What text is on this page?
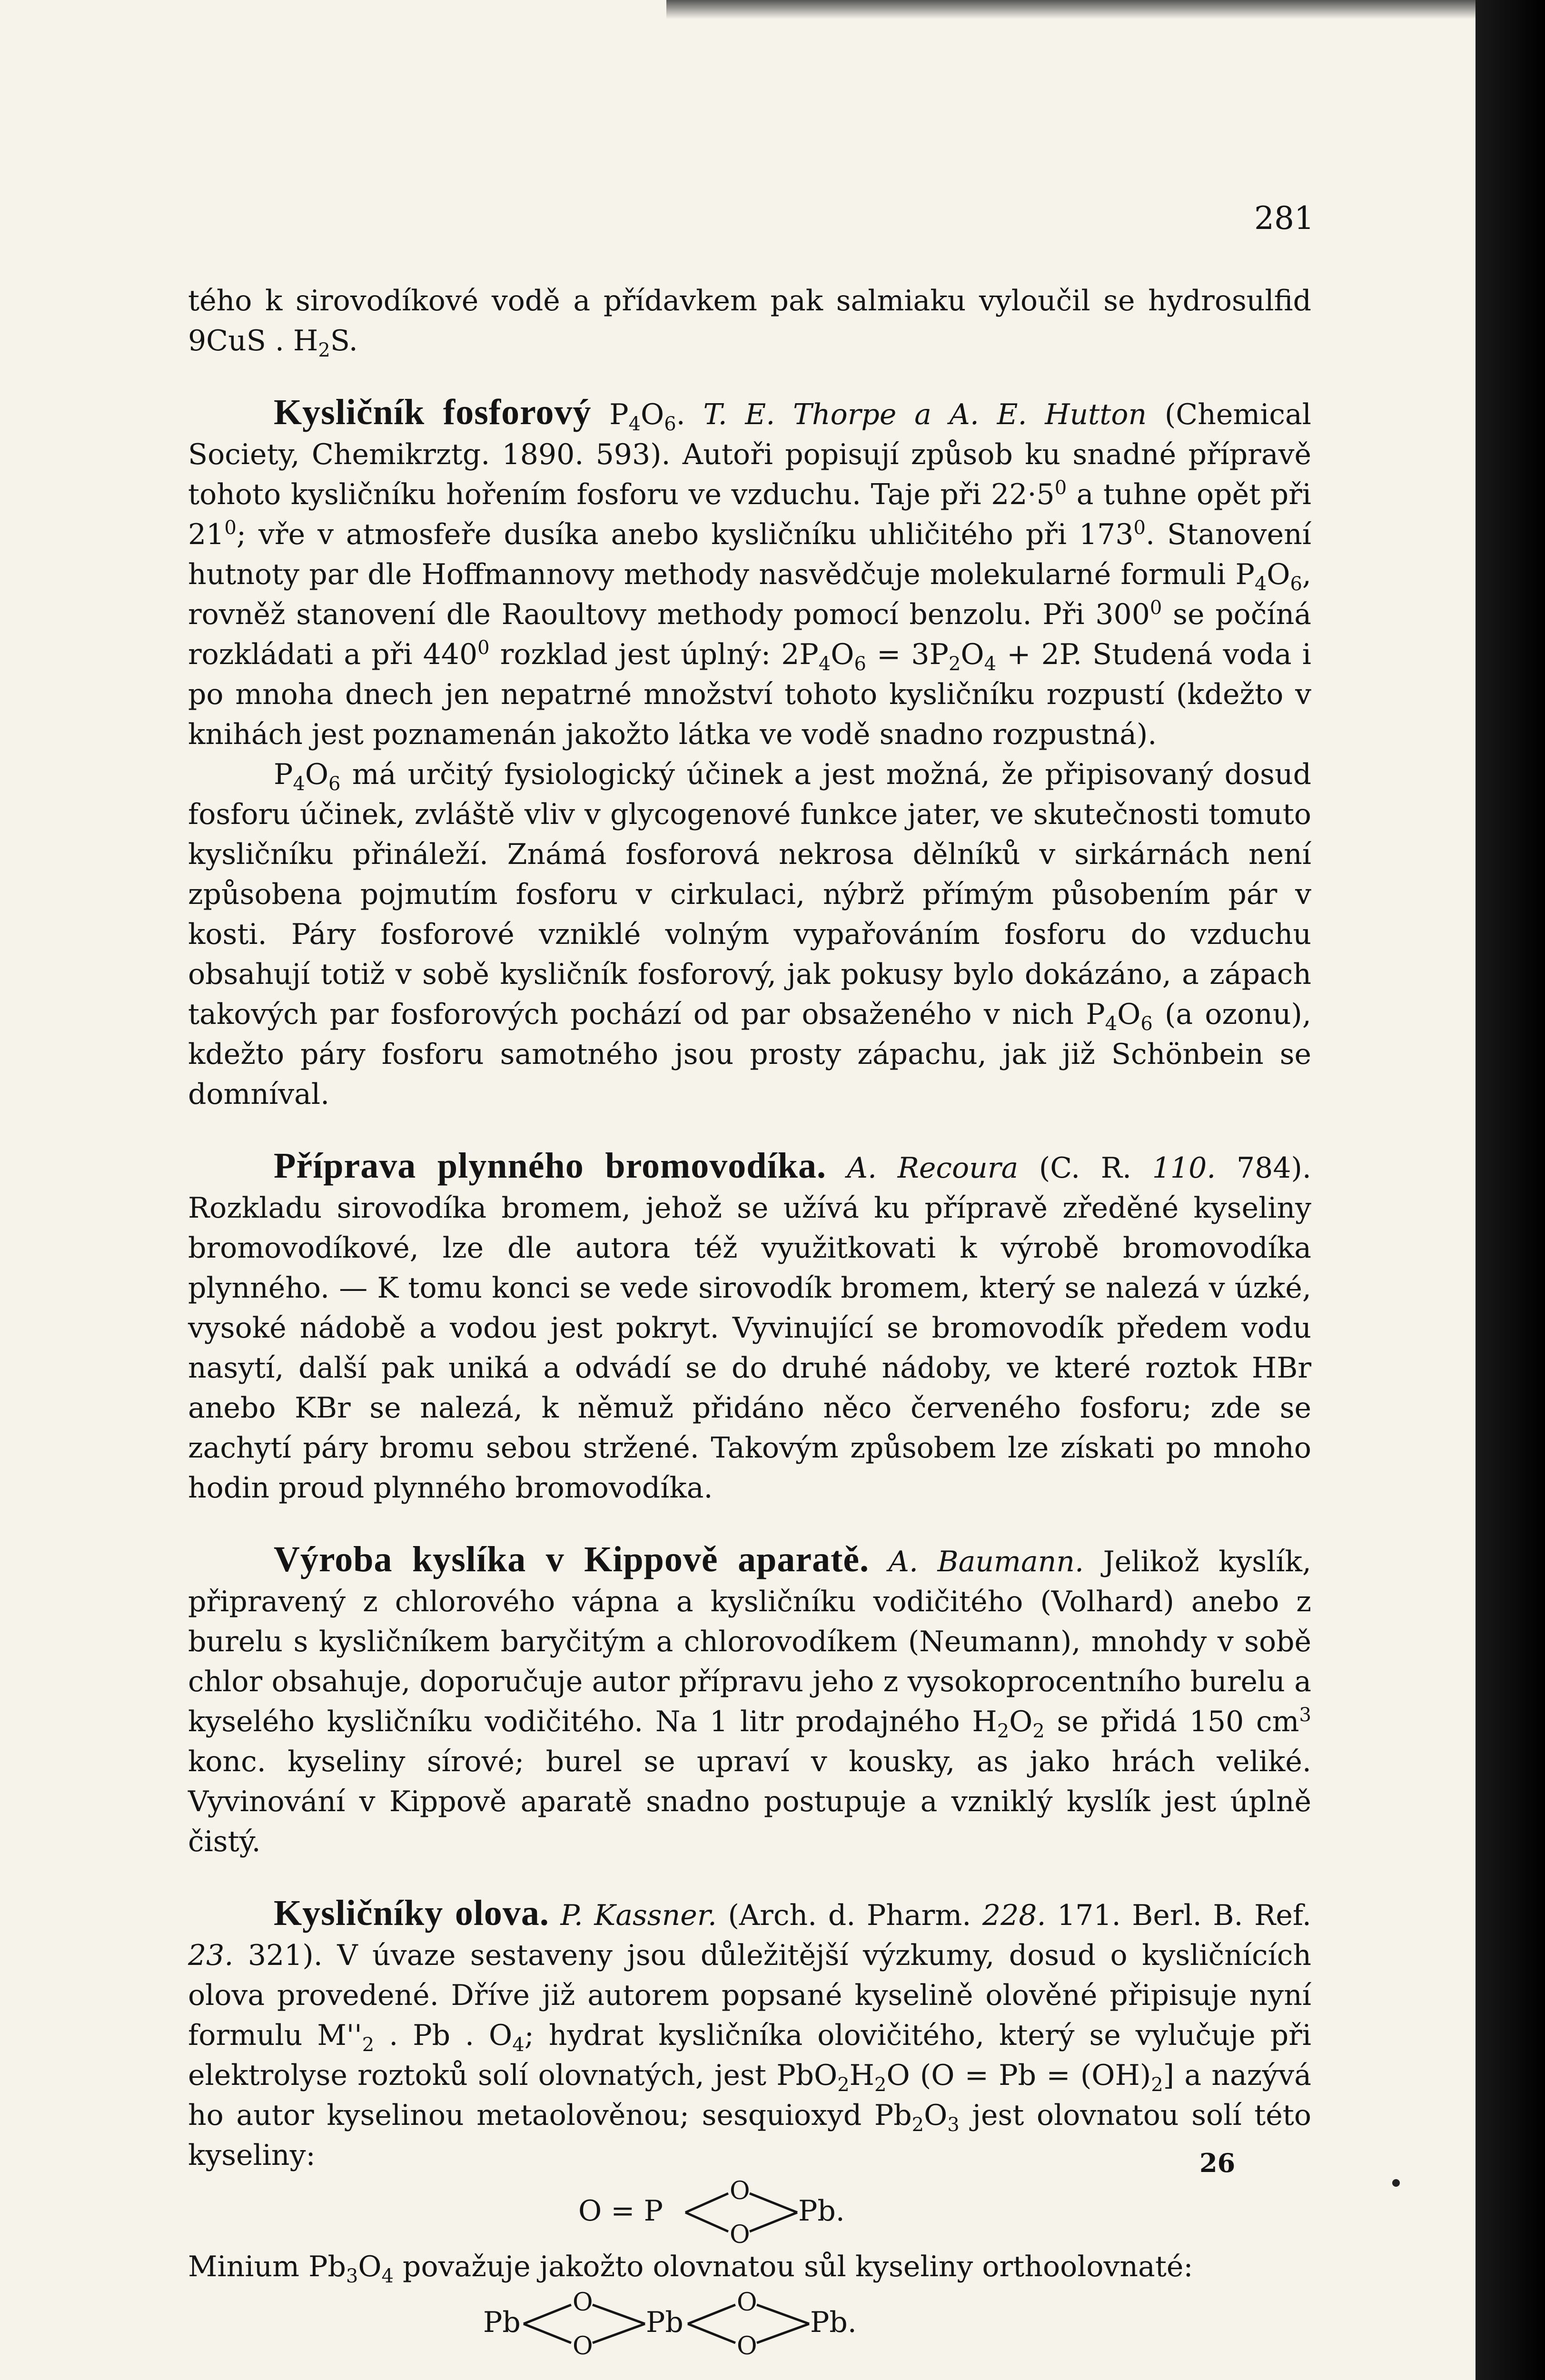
281

tého k sirovodíkové vodě a přídavkem pak salmiaku vyloučil se hydrosulfid 9CuS . $H_2S$.

Kysličník fosforový $P_4O_6$. T. E. Thorpe a A. E. Hutton (Chemical Society, Chemikrztg. 1890. 593). Autoři popisují způsob ku snadné přípravě tohoto kysličníku hořením fosforu ve vzduchu. Taje při $22\cdot 5^0$ a tuhne opět při $21^0$; vře v atmosfeře dusíka anebo kysličníku uhličitého při $173^0$. Stanovení hutnoty par dle Hoffmannovy methody nasvědčuje molekularné formuli $P_4O_6$, rovněž stanovení dle Raoultovy methody pomocí benzolu. Při $300^0$ se počíná rozkládati a při $440^0$ rozklad jest úplný: $2P_4O_6 = 3P_2O_4 + 2P$. Studená voda i po mnoha dnech jen nepatrné množství tohoto kysličníku rozpustí (kdežto v knihách jest poznamenán jakožto látka ve vodě snadno rozpustná).

$P_4O_6$ má určitý fysiologický účinek a jest možná, že připisovaný dosud fosforu účinek, zvláště vliv v glycogenové funkce jater, ve skutečnosti tomuto kysličníku přináleží. Známá fosforová nekrosa dělníků v sirkárnách není způsobena pojmutím fosforu v cirkulaci, nýbrž přímým působením pár v kosti. Páry fosforové vzniklé volným vypařováním fosforu do vzduchu obsahují totiž v sobě kysličník fosforový, jak pokusy bylo dokázáno, a zápach takových par fosforových pochází od par obsaženého v nich $P_4O_6$ (a ozonu), kdežto páry fosforu samotného jsou prosty zápachu, jak již Schönbein se domníval.

Příprava plynného bromovodíka. A. Recoura (C. R. 110. 784). Rozkladu sirovodíka bromem, jehož se užívá ku přípravě zředěné kyseliny bromovodíkové, lze dle autora též využitkovati k výrobě bromovodíka plynného. — K tomu konci se vede sirovodík bromem, který se nalezá v úzké, vysoké nádobě a vodou jest pokryt. Vyvinující se bromovodík předem vodu nasytí, další pak uniká a odvádí se do druhé nádoby, ve které roztok HBr anebo KBr se nalezá, k němuž přidáno něco červeného fosforu; zde se zachytí páry bromu sebou stržené. Takovým způsobem lze získati po mnoho hodin proud plynného bromovodíka.

Výroba kyslíka v Kippově aparatě. A. Baumann. Jelikož kyslík, připravený z chlorového vápna a kysličníku vodičitého (Volhard) anebo z burelu s kysličníkem baryčitým a chlorovodíkem (Neumann), mnohdy v sobě chlor obsahuje, doporučuje autor přípravu jeho z vysokoprocentního burelu a kyselého kysličníku vodičitého. Na 1 litr prodajného $H_2O_2$ se přidá 150 $cm^3$ konc. kyseliny sírové; burel se upraví v kousky, as jako hrách veliké. Vyvinování v Kippově aparatě snadno postupuje a vzniklý kyslík jest úplně čistý.

Kysličníky olova. P. Kassner. (Arch. d. Pharm. 228. 171. Berl. B. Ref. 23. 321). V úvaze sestaveny jsou důležitější výzkumy, dosud o kysličnících olova provedené. Dříve již autorem popsané kyselině olověné připisuje nyní formulu $M''_2$ . Pb . $O_4$; hydrat kysličníka olovičitého, který se vylučuje při elektrolyse roztoků solí olovnatých, jest $PbO_2H_2O$ $(O = Pb = (OH)_2]$ a nazývá ho autor kyselinou metaolověnou; sesquioxyd $Pb_2O_3$ jest olovnatou solí této kyseliny:

O = P
O
O
Pb.

Minium $Pb_3O_4$ považuje jakožto olovnatou sůl kyseliny orthoolovnaté:

Pb
O
O
Pb
O
O
Pb.
26
